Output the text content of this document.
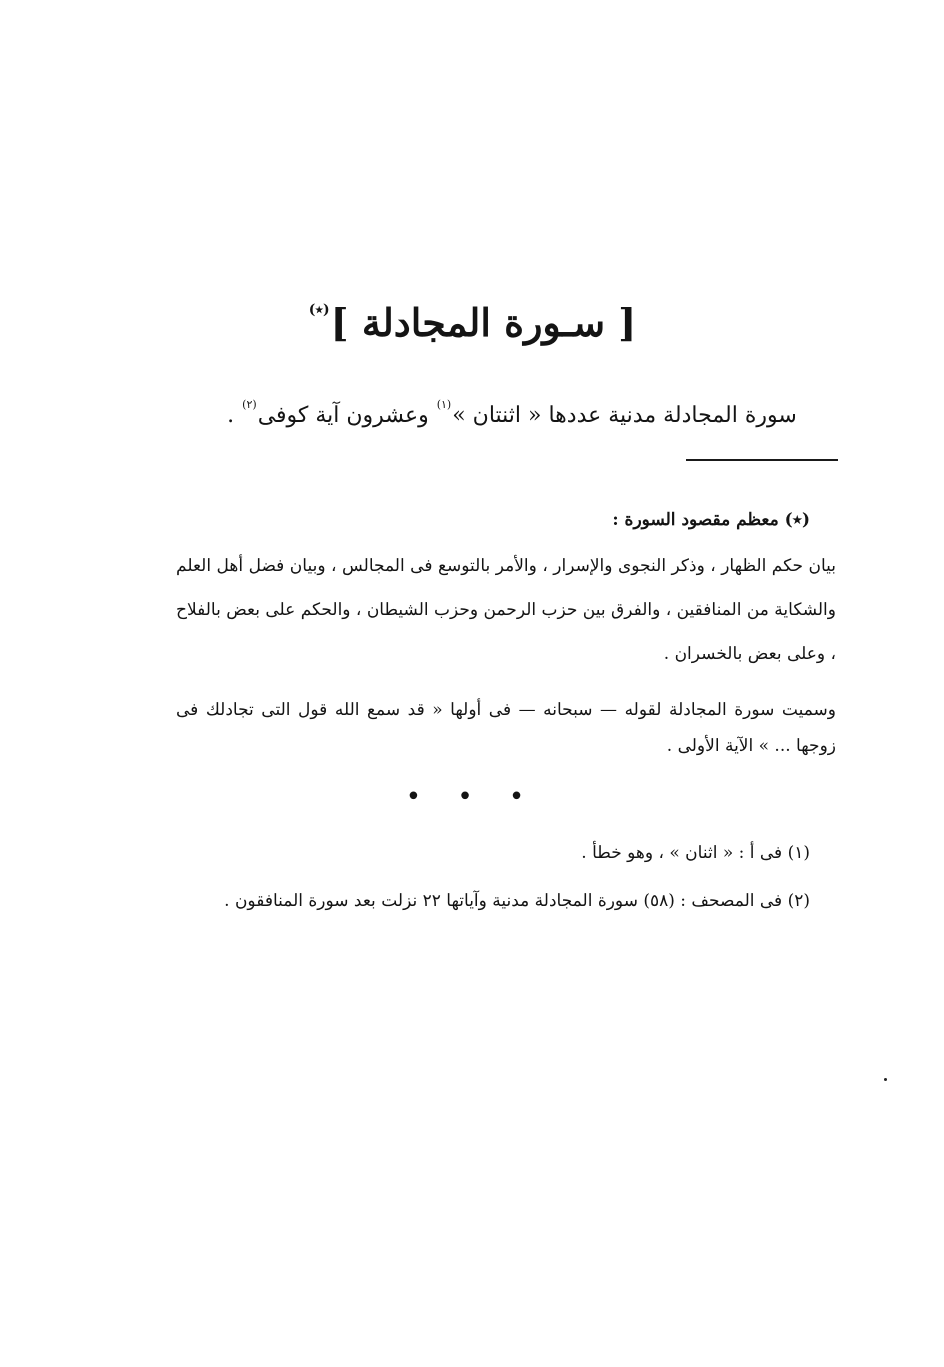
[ سـورة المجادلة ](٭)
سورة المجادلة مدنية عددها « اثنتان »$^{(١)}$ وعشرون آية كوفى$^{(٢)}$ .
(٭) معظم مقصود السورة :
بيان حكم الظهار ، وذكر النجوى والإسرار ، والأمر بالتوسع فى المجالس ، وبيان فضل أهل العلم والشكاية من المنافقين ، والفرق بين حزب الرحمن وحزب الشيطان ، والحكم على بعض بالفلاح ، وعلى بعض بالخسران .
وسميت سورة المجادلة لقوله — سبحانه — فى أولها « قد سمع الله قول التى تجادلك فى زوجها ... » الآية الأولى .
• • •
(١) فى أ : « اثنان » ، وهو خطأ .
(٢) فى المصحف : (٥٨) سورة المجادلة مدنية وآياتها ٢٢ نزلت بعد سورة المنافقون .
